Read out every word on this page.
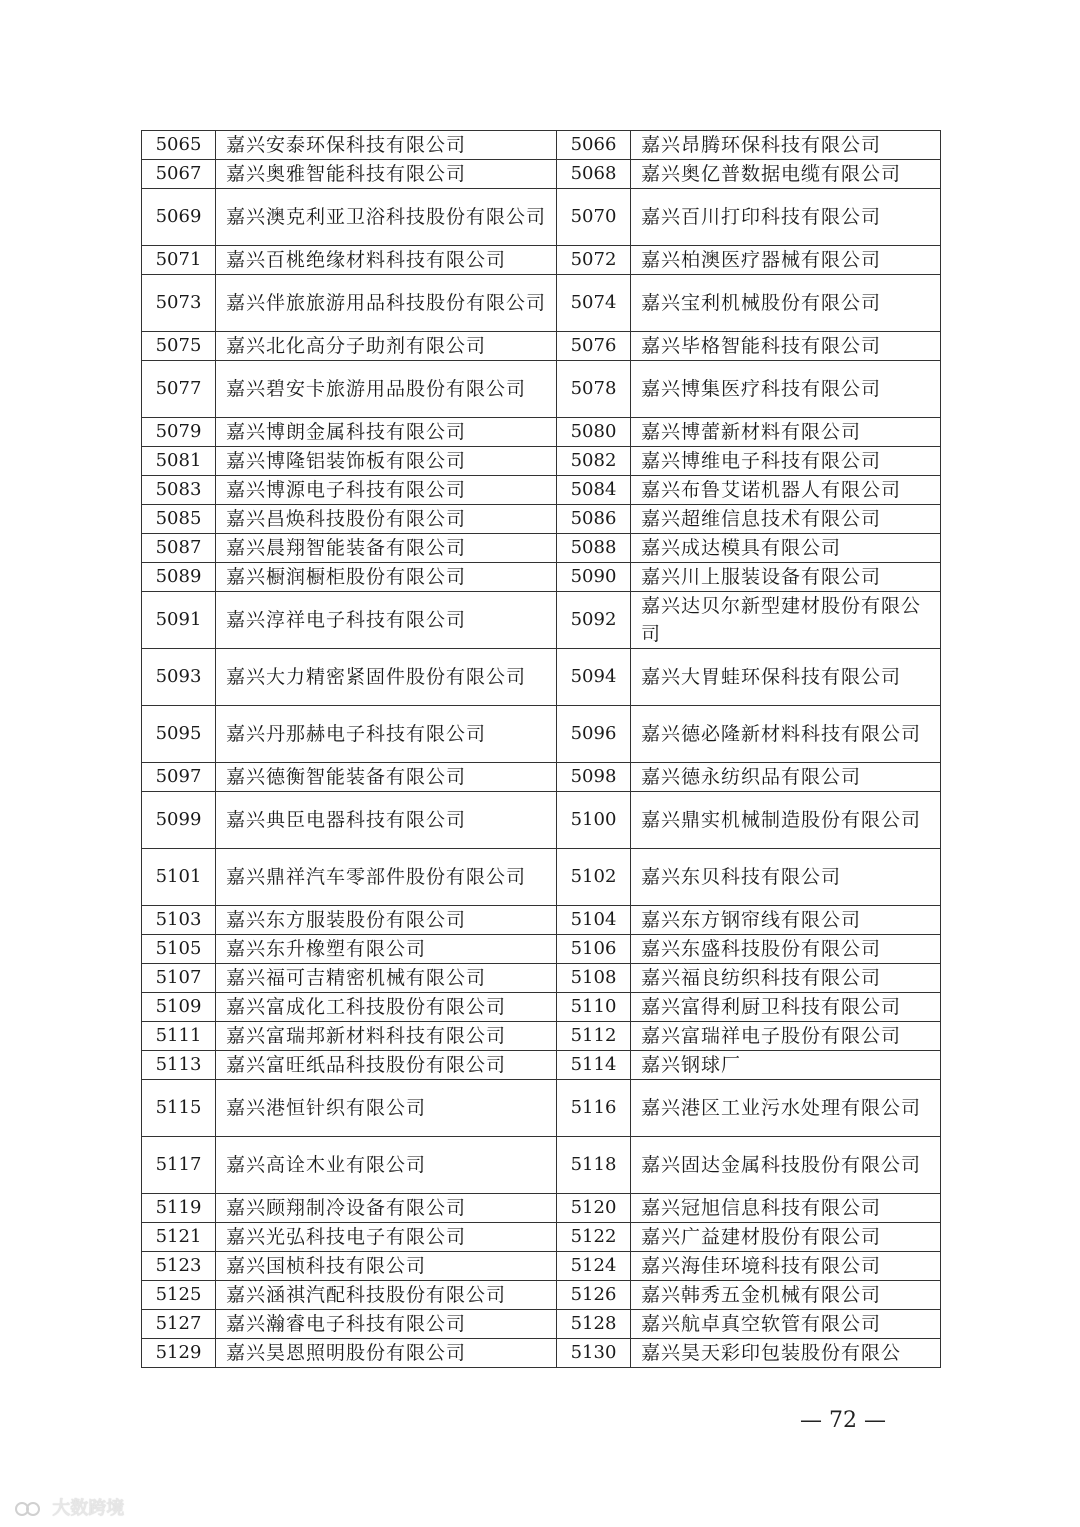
5065	嘉兴安泰环保科技有限公司	5066	嘉兴昂腾环保科技有限公司
5067	嘉兴奥雅智能科技有限公司	5068	嘉兴奥亿普数据电缆有限公司
5069	嘉兴澳克利亚卫浴科技股份有限公司	5070	嘉兴百川打印科技有限公司
5071	嘉兴百桃绝缘材料科技有限公司	5072	嘉兴柏澳医疗器械有限公司
5073	嘉兴伴旅旅游用品科技股份有限公司	5074	嘉兴宝利机械股份有限公司
5075	嘉兴北化高分子助剂有限公司	5076	嘉兴毕格智能科技有限公司
5077	嘉兴碧安卡旅游用品股份有限公司	5078	嘉兴博集医疗科技有限公司
5079	嘉兴博朗金属科技有限公司	5080	嘉兴博蕾新材料有限公司
5081	嘉兴博隆铝装饰板有限公司	5082	嘉兴博维电子科技有限公司
5083	嘉兴博源电子科技有限公司	5084	嘉兴布鲁艾诺机器人有限公司
5085	嘉兴昌焕科技股份有限公司	5086	嘉兴超维信息技术有限公司
5087	嘉兴晨翔智能装备有限公司	5088	嘉兴成达模具有限公司
5089	嘉兴橱润橱柜股份有限公司	5090	嘉兴川上服装设备有限公司
5091	嘉兴淳祥电子科技有限公司	5092	嘉兴达贝尔新型建材股份有限公司
5093	嘉兴大力精密紧固件股份有限公司	5094	嘉兴大胃蛙环保科技有限公司
5095	嘉兴丹那赫电子科技有限公司	5096	嘉兴德必隆新材料科技有限公司
5097	嘉兴德衡智能装备有限公司	5098	嘉兴德永纺织品有限公司
5099	嘉兴典臣电器科技有限公司	5100	嘉兴鼎实机械制造股份有限公司
5101	嘉兴鼎祥汽车零部件股份有限公司	5102	嘉兴东贝科技有限公司
5103	嘉兴东方服装股份有限公司	5104	嘉兴东方钢帘线有限公司
5105	嘉兴东升橡塑有限公司	5106	嘉兴东盛科技股份有限公司
5107	嘉兴福可吉精密机械有限公司	5108	嘉兴福良纺织科技有限公司
5109	嘉兴富成化工科技股份有限公司	5110	嘉兴富得利厨卫科技有限公司
5111	嘉兴富瑞邦新材料科技有限公司	5112	嘉兴富瑞祥电子股份有限公司
5113	嘉兴富旺纸品科技股份有限公司	5114	嘉兴钢球厂
5115	嘉兴港恒针织有限公司	5116	嘉兴港区工业污水处理有限公司
5117	嘉兴高诠木业有限公司	5118	嘉兴固达金属科技股份有限公司
5119	嘉兴顾翔制冷设备有限公司	5120	嘉兴冠旭信息科技有限公司
5121	嘉兴光弘科技电子有限公司	5122	嘉兴广益建材股份有限公司
5123	嘉兴国桢科技有限公司	5124	嘉兴海佳环境科技有限公司
5125	嘉兴涵祺汽配科技股份有限公司	5126	嘉兴韩秀五金机械有限公司
5127	嘉兴瀚睿电子科技有限公司	5128	嘉兴航卓真空软管有限公司
5129	嘉兴昊恩照明股份有限公司	5130	嘉兴昊天彩印包装股份有限公
— 72 —
大数跨境
